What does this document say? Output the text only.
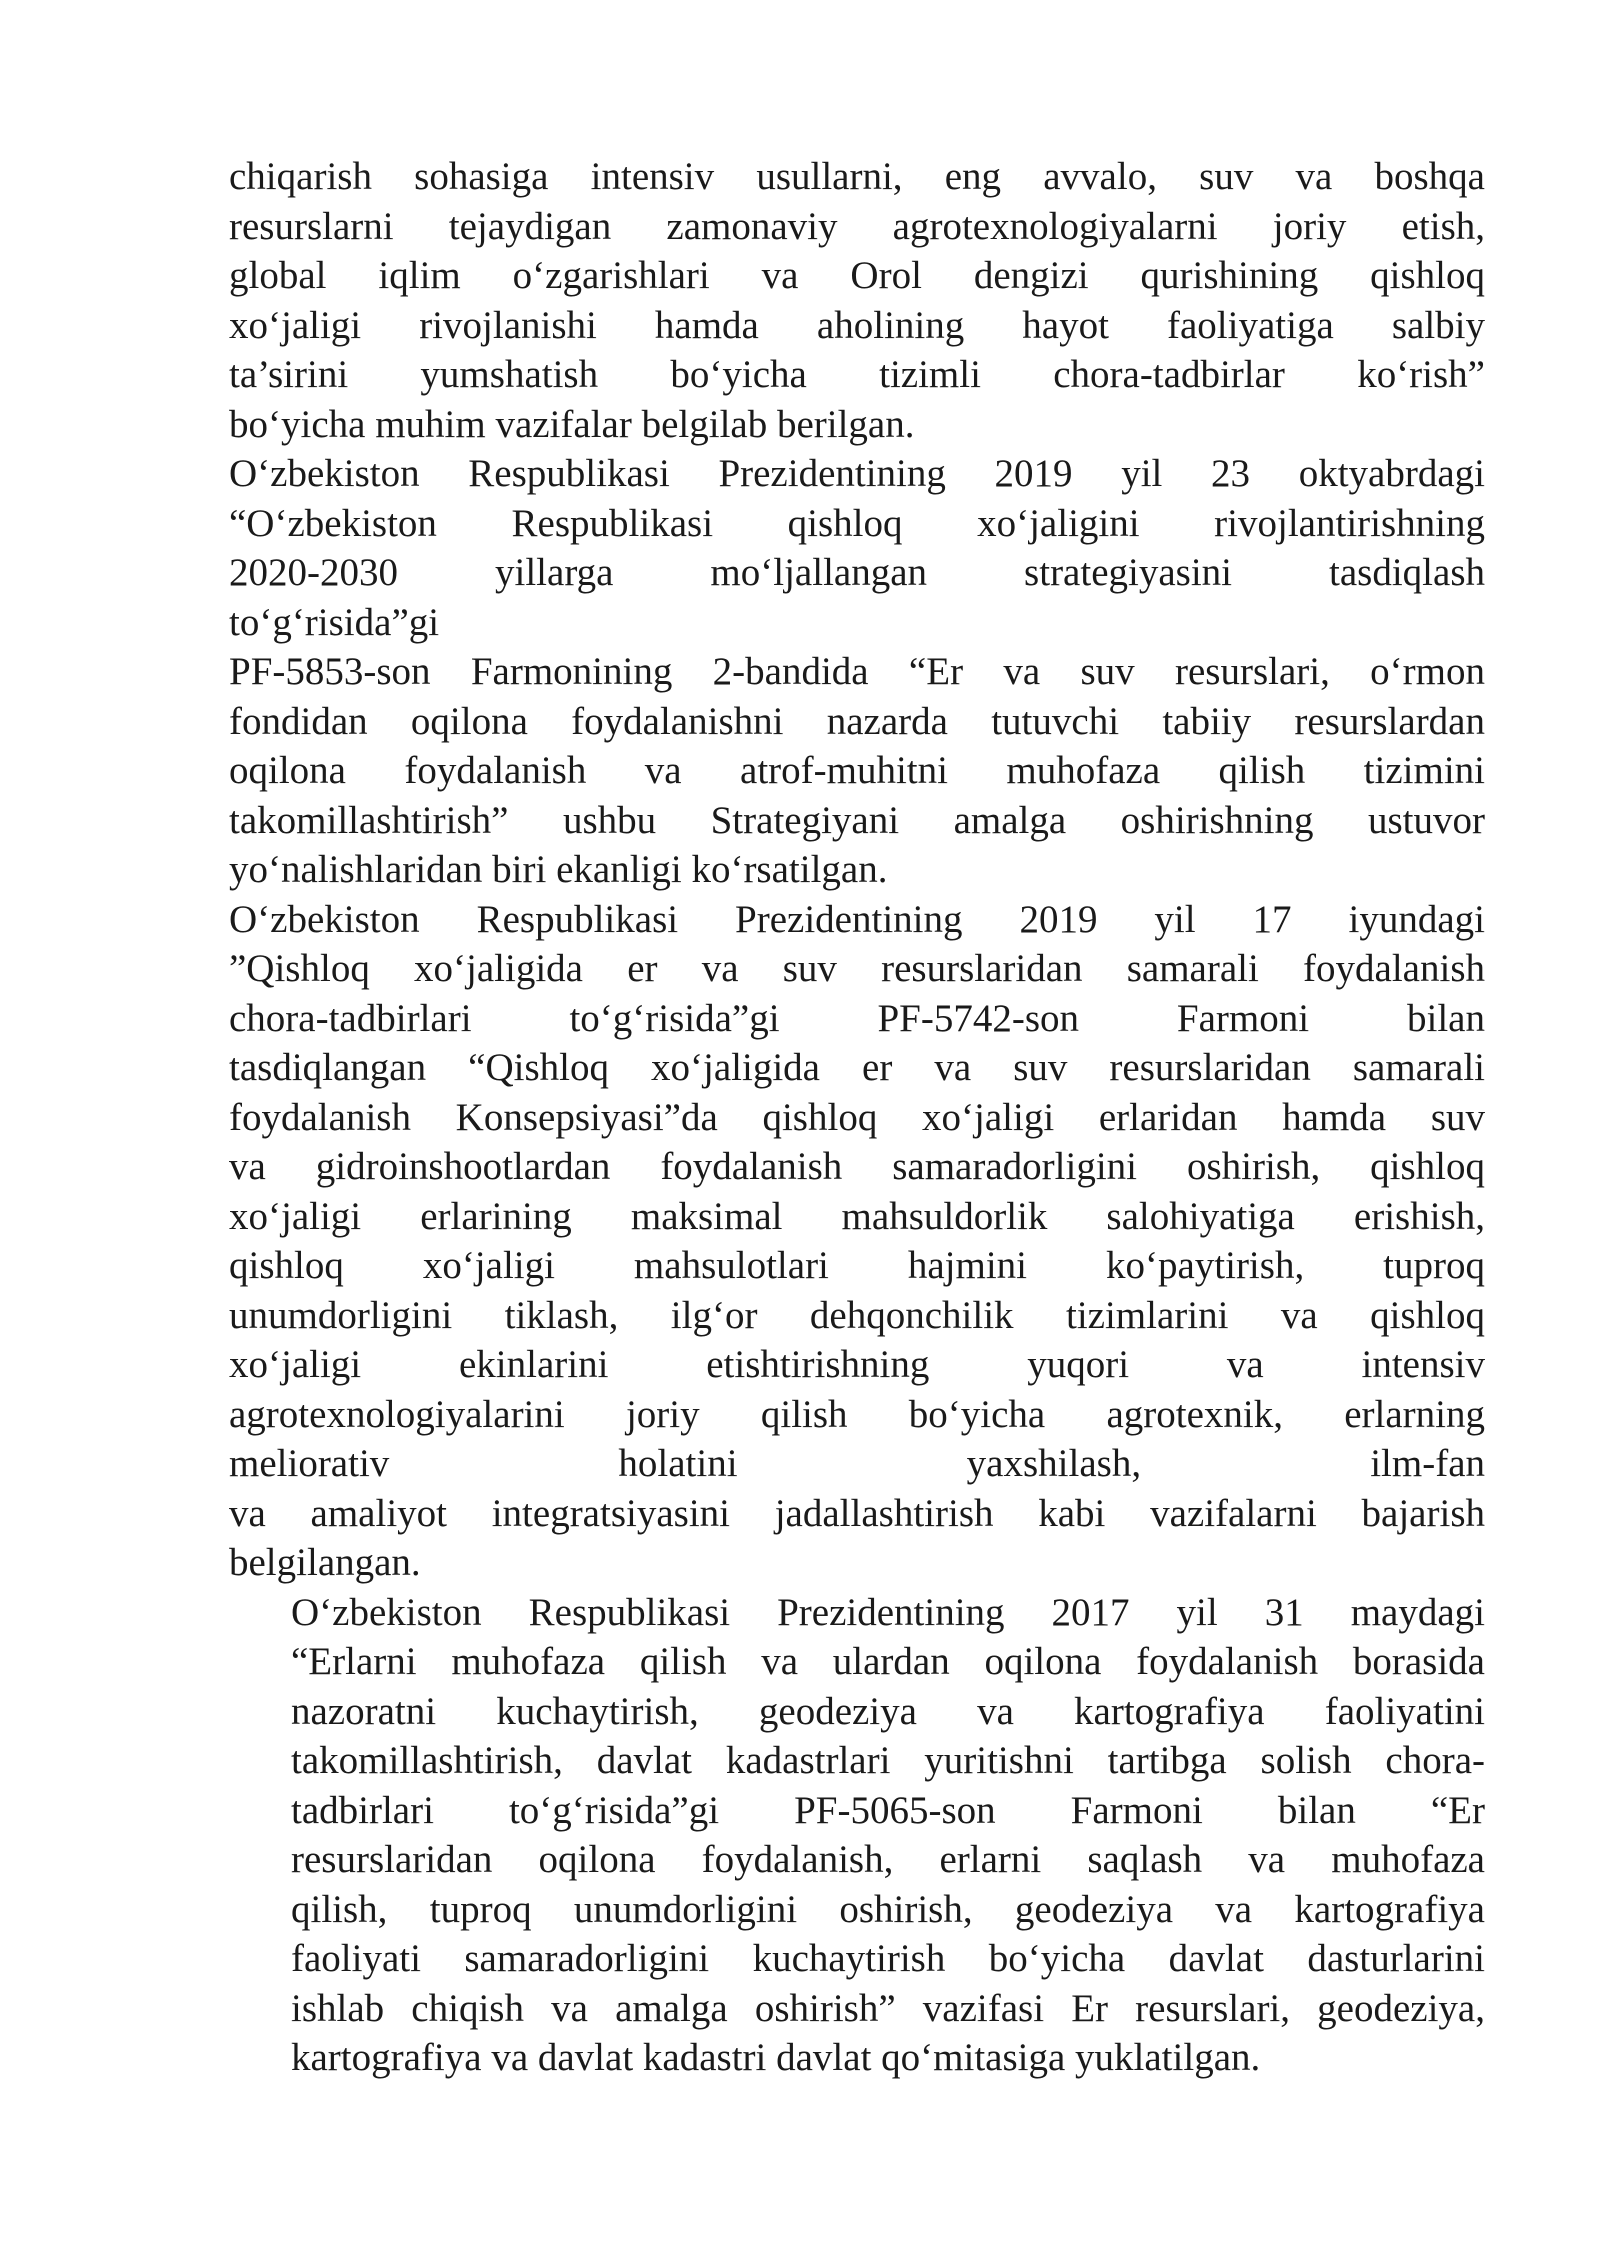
chiqarish sohasiga intensiv usullarni, eng avvalo, suv va boshqa
resurslarni tejaydigan zamonaviy agrotexnologiyalarni joriy etish,
global iqlim oʻzgarishlari va Orol dengizi qurishining qishloq
xoʻjaligi rivojlanishi hamda aholining hayot faoliyatiga salbiy
ta’sirini yumshatish boʻyicha tizimli chora-tadbirlar koʻrish”
boʻyicha muhim vazifalar belgilab berilgan.

Oʻzbekiston Respublikasi Prezidentining 2019 yil 23 oktyabrdagi
“Oʻzbekiston Respublikasi qishloq xoʻjaligini rivojlantirishning
2020-2030 yillarga moʻljallangan strategiyasini tasdiqlash
toʻgʻrisida”gi

PF-5853-son Farmonining 2-bandida “Er va suv resurslari, oʻrmon
fondidan oqilona foydalanishni nazarda tutuvchi tabiiy resurslardan
oqilona foydalanish va atrof-muhitni muhofaza qilish tizimini
takomillashtirish” ushbu Strategiyani amalga oshirishning ustuvor
yoʻnalishlaridan biri ekanligi koʻrsatilgan.

Oʻzbekiston Respublikasi Prezidentining 2019 yil 17 iyundagi
”Qishloq xoʻjaligida er va suv resurslaridan samarali foydalanish
chora-tadbirlari toʻgʻrisida”gi PF-5742-son Farmoni bilan
tasdiqlangan “Qishloq xoʻjaligida er va suv resurslaridan samarali
foydalanish Konsepsiyasi”da qishloq xoʻjaligi erlaridan hamda suv
va gidroinshootlardan foydalanish samaradorligini oshirish, qishloq
xoʻjaligi erlarining maksimal mahsuldorlik salohiyatiga erishish,
qishloq xoʻjaligi mahsulotlari hajmini koʻpaytirish, tuproq
unumdorligini tiklash, ilgʻor dehqonchilik tizimlarini va qishloq
xoʻjaligi ekinlarini etishtirishning yuqori va intensiv
agrotexnologiyalarini joriy qilish boʻyicha agrotexnik, erlarning
meliorativ holatini yaxshilash, ilm-fan
va amaliyot integratsiyasini jadallashtirish kabi vazifalarni bajarish
belgilangan.

Oʻzbekiston Respublikasi Prezidentining 2017 yil 31 maydagi
“Erlarni muhofaza qilish va ulardan oqilona foydalanish borasida
nazoratni kuchaytirish, geodeziya va kartografiya faoliyatini
takomillashtirish, davlat kadastrlari yuritishni tartibga solish chora-
tadbirlari toʻgʻrisida”gi PF-5065-son Farmoni bilan “Er
resurslaridan oqilona foydalanish, erlarni saqlash va muhofaza
qilish, tuproq unumdorligini oshirish, geodeziya va kartografiya
faoliyati samaradorligini kuchaytirish boʻyicha davlat dasturlarini
ishlab chiqish va amalga oshirish” vazifasi Er resurslari, geodeziya,
kartografiya va davlat kadastri davlat qoʻmitasiga yuklatilgan.
